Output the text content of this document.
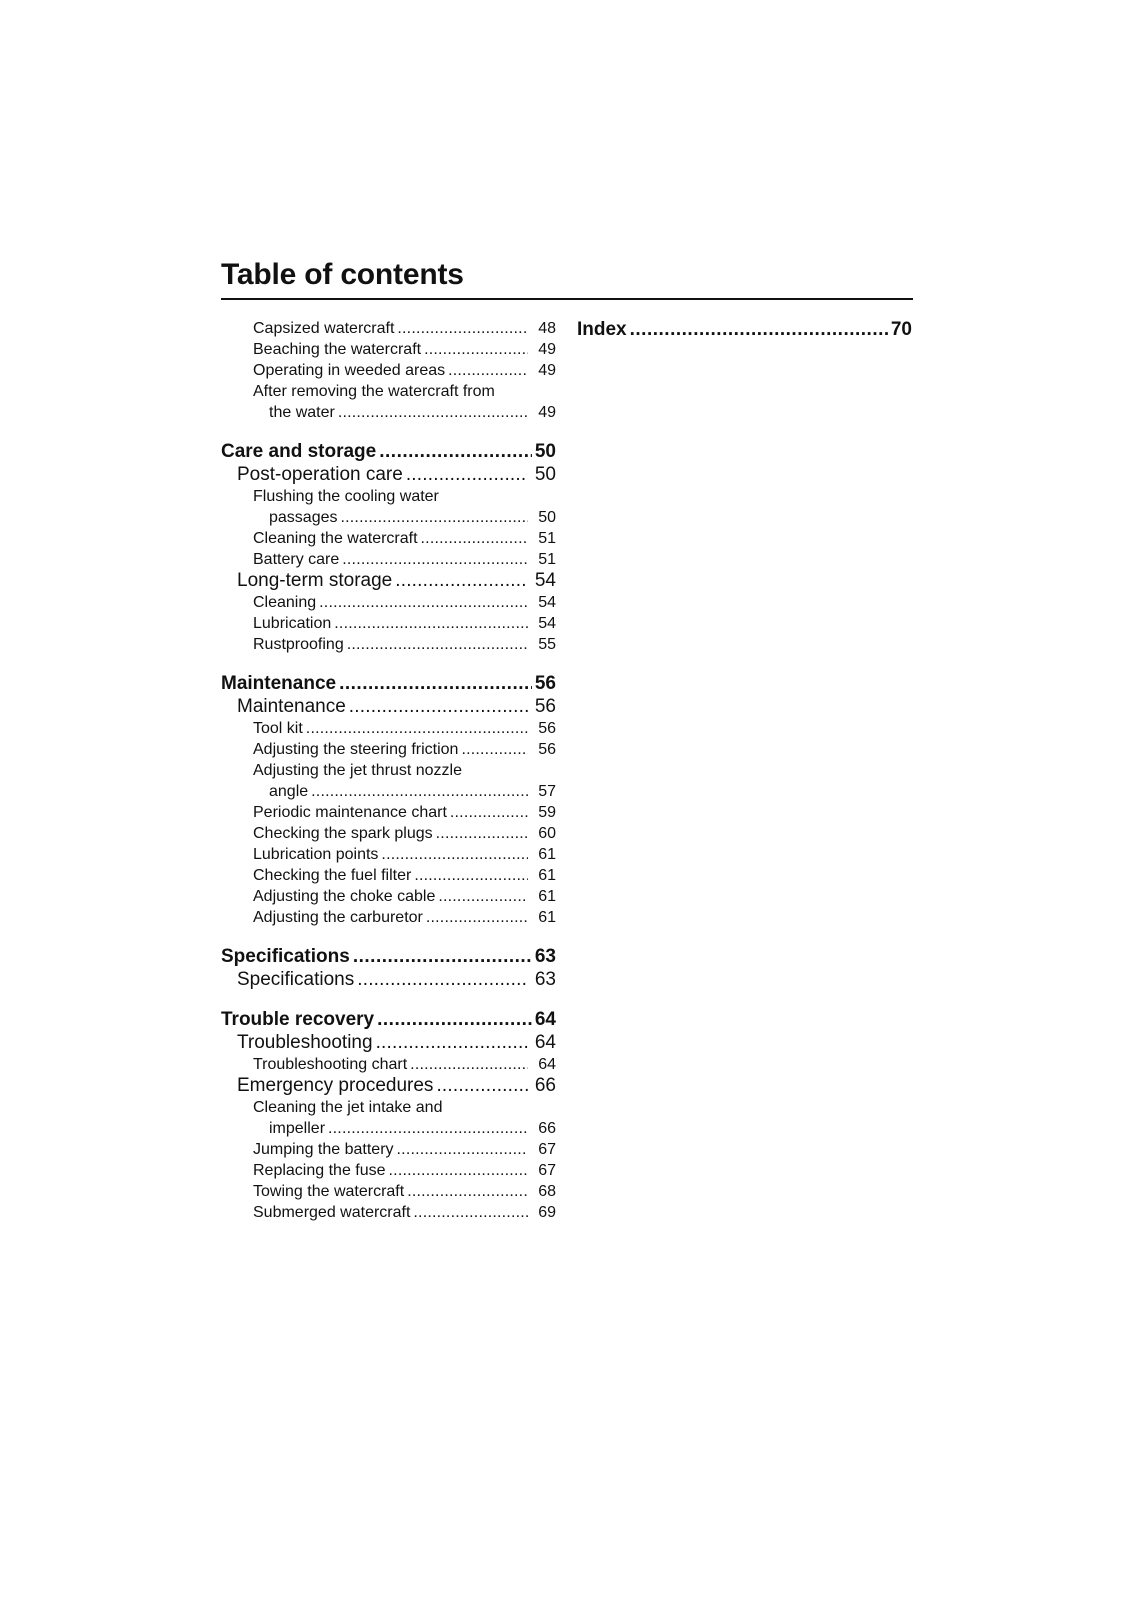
Table of contents
Capsized watercraft .....	48
Beaching the watercraft .....	49
Operating in weeded areas .....	49
After removing the watercraft from
the water .....	49
Care and storage .....	50
Post-operation care .....	50
Flushing the cooling water
passages .....	50
Cleaning the watercraft .....	51
Battery care .....	51
Long-term storage .....	54
Cleaning .....	54
Lubrication .....	54
Rustproofing .....	55
Maintenance .....	56
Maintenance .....	56
Tool kit .....	56
Adjusting the steering friction .....	56
Adjusting the jet thrust nozzle
angle .....	57
Periodic maintenance chart .....	59
Checking the spark plugs .....	60
Lubrication points .....	61
Checking the fuel filter .....	61
Adjusting the choke cable .....	61
Adjusting the carburetor .....	61
Specifications .....	63
Specifications .....	63
Trouble recovery .....	64
Troubleshooting .....	64
Troubleshooting chart .....	64
Emergency procedures .....	66
Cleaning the jet intake and
impeller .....	66
Jumping the battery .....	67
Replacing the fuse .....	67
Towing the watercraft .....	68
Submerged watercraft .....	69
Index .....	70
